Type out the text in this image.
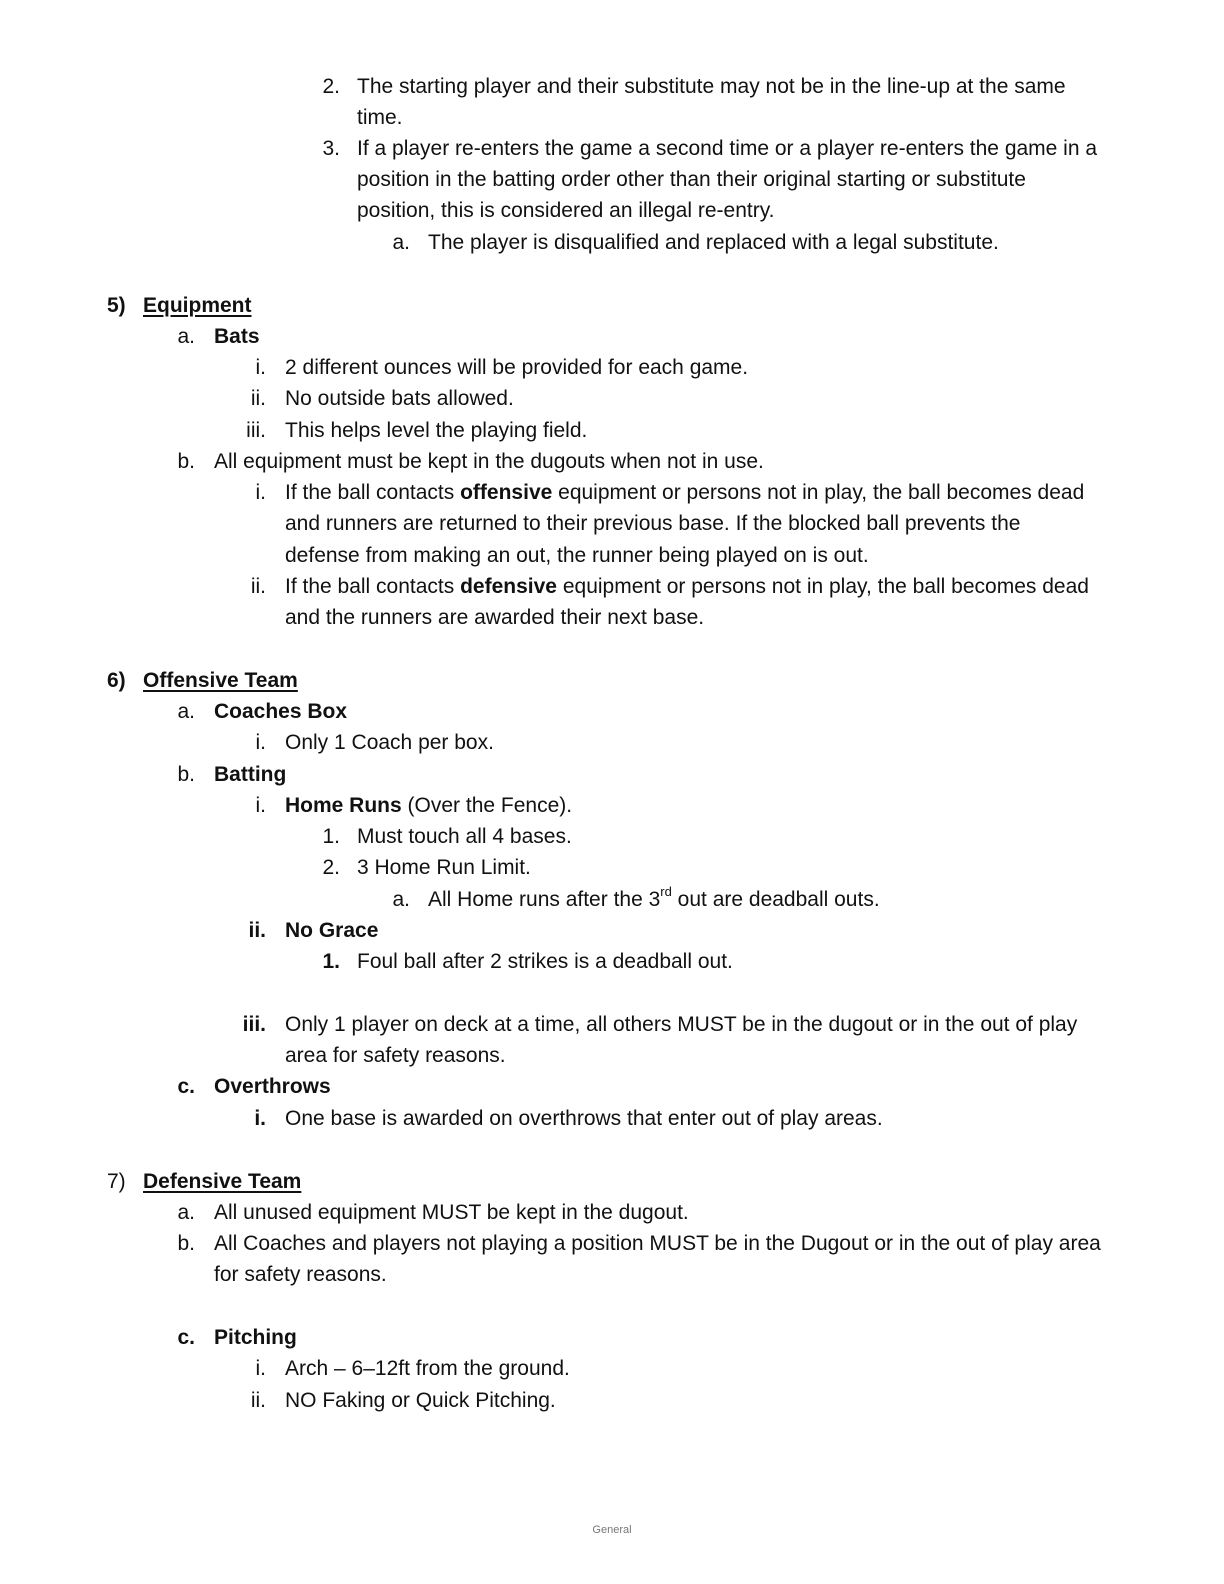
2. The starting player and their substitute may not be in the line-up at the same
time.
3. If a player re-enters the game a second time or a player re-enters the game in a
position in the batting order other than their original starting or substitute
position, this is considered an illegal re-entry.
a. The player is disqualified and replaced with a legal substitute.
5) Equipment
a. Bats
i. 2 different ounces will be provided for each game.
ii. No outside bats allowed.
iii. This helps level the playing field.
b. All equipment must be kept in the dugouts when not in use.
i. If the ball contacts offensive equipment or persons not in play, the ball becomes dead
and runners are returned to their previous base. If the blocked ball prevents the
defense from making an out, the runner being played on is out.
ii. If the ball contacts defensive equipment or persons not in play, the ball becomes dead
and the runners are awarded their next base.
6) Offensive Team
a. Coaches Box
i. Only 1 Coach per box.
b. Batting
i. Home Runs (Over the Fence).
1. Must touch all 4 bases.
2. 3 Home Run Limit.
a. All Home runs after the 3rd out are deadball outs.
ii. No Grace
1. Foul ball after 2 strikes is a deadball out.
iii. Only 1 player on deck at a time, all others MUST be in the dugout or in the out of play
area for safety reasons.
c. Overthrows
i. One base is awarded on overthrows that enter out of play areas.
7) Defensive Team
a. All unused equipment MUST be kept in the dugout.
b. All Coaches and players not playing a position MUST be in the Dugout or in the out of play area
for safety reasons.
c. Pitching
i. Arch – 6–12ft from the ground.
ii. NO Faking or Quick Pitching.
General
